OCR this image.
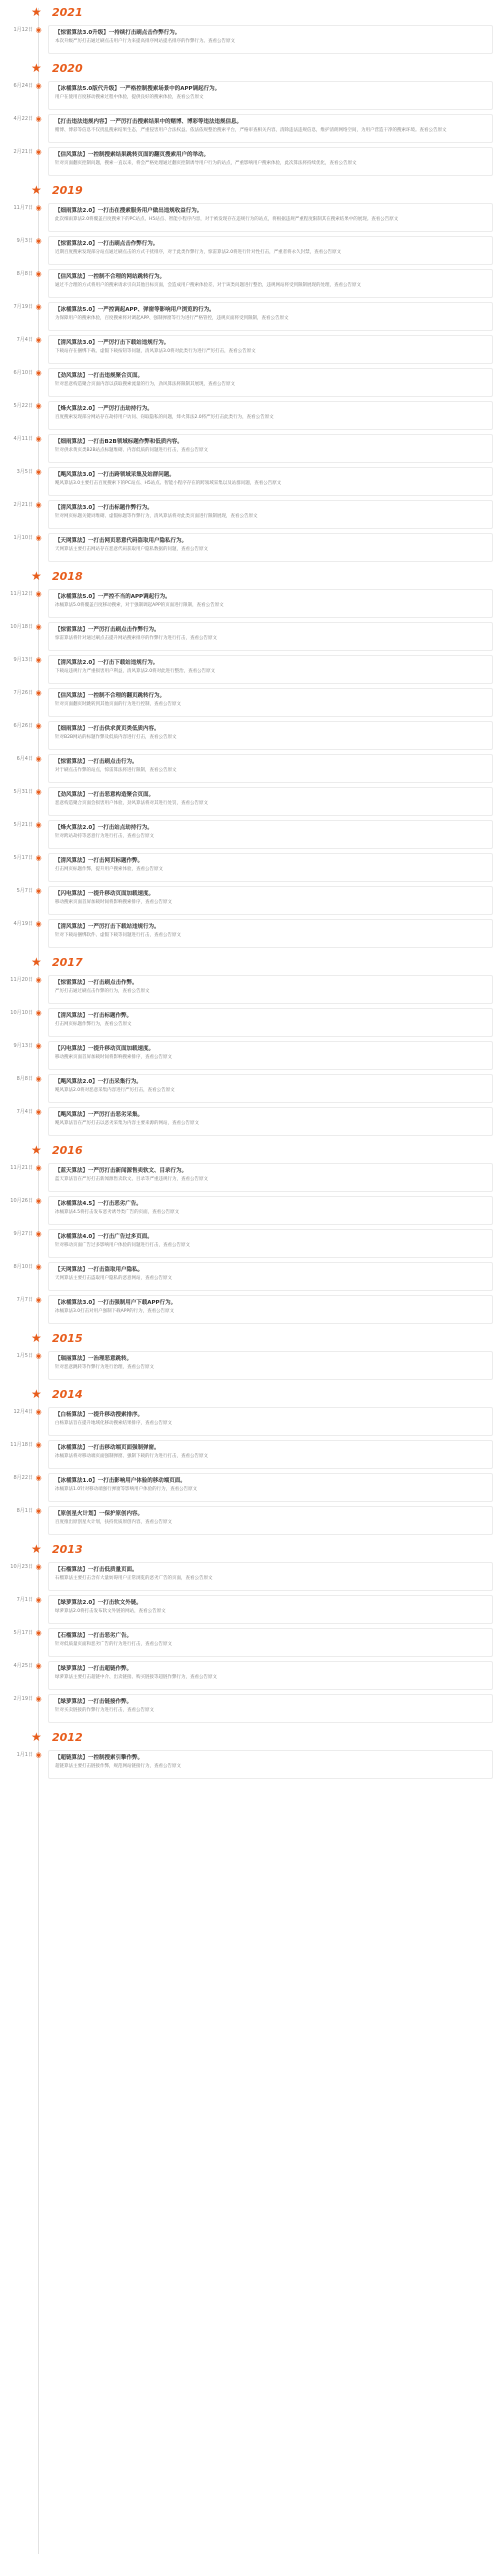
★ 2021
1月12日 ◉ 【惊雷算法3.0升级】一持续打击刷点击作弊行为。
本次升级严厉打击通过刷点击用户行为来提高排序网站提名排序的作弊行为。查看公告原文
★ 2020
6月24日 ◉ 【冰桶算法5.0版代升级】一严格控制搜索场景中的APP调起行为。
用户在使用百度移动搜索过程中体验，提供良好的搜索体验，查看公告原文
4月22日 ◉ 【打击违法违规内容】一严厉打击搜索结果中的赌博、博彩等违法违规信息。
赌博、博彩等信息不仅扰乱搜索结果生态，严重侵害用户合法权益。依法依规整治搜索平台，严格审查相关内容，清除违法违规信息，维护清朗网络空间，为用户营造干净的搜索环境。查看公告原文
2月21日 ◉ 【信风算法】一控制搜索结果跳转页面的翻页搜索用户的举动。
针对页面翻页控制问题，搜索一直以来，将会严格处理通过翻页控制诱导用户行为的站点，严重影响用户搜索体验，此次算法将持续优化，查看公告原文
★ 2019
11月7日 ◉ 【细雨算法2.0】一打击在搜索服务用户做出违规收益行为。
此次细雨算法2.0将覆盖百度搜索下的PC站点、H5站点、智能小程序内容，对于被发现存在违规行为的站点，将根据违规严重程度限制其在搜索结果中的展现。查看公告原文
9月3日 ◉ 【惊雷算法2.0】一打击刷点击作弊行为。
近期百度搜索发现部分站点通过刷点击的方式干扰排序，对于此类作弊行为，惊雷算法2.0将进行针对性打击，严重者将永久封禁，查看公告原文
8月8日 ◉ 【信风算法】一控制不合理的网站跳转行为。
通过不合理的方式将用户的搜索请求引向其他目标页面，会造成用户搜索体验差，对于该类问题进行整治，违规网站将受到限制展现的处理，查看公告原文
7月19日 ◉ 【冰桶算法5.0】一严控调起APP、弹窗等影响用户浏览的行为。
为保障用户的搜索体验，百度搜索将对调起APP、强制弹窗等行为进行严格管控，违规页面将受到限制，查看公告原文
7月4日 ◉ 【清风算法3.0】一严厉打击下载站违规行为。
下载站存在捆绑下载、虚假下载按钮等问题，清风算法3.0将对此类行为进行严厉打击，查看公告原文
6月10日 ◉ 【劲风算法】一打击违规聚合页面。
针对恶意构造聚合页面内容以获取搜索流量的行为，劲风算法将限制其展现，查看公告原文
5月22日 ◉ 【烽火算法2.0】一严厉打击劫持行为。
百度搜索发现部分网站存在劫持用户访问、窃取隐私的问题，烽火算法2.0将严厉打击此类行为，查看公告原文
4月11日 ◉ 【细雨算法】一打击B2B领域标题作弊和低质内容。
针对供求黄页类B2B站点标题堆砌、内容低质的问题进行打击，查看公告原文
3月5日 ◉ 【飓风算法3.0】一打击跨领域采集及站群问题。
飓风算法3.0主要打击百度搜索下的PC站点、H5站点、智能小程序存在的跨领域采集以及站群问题，查看公告原文
2月21日 ◉ 【清风算法3.0】一打击标题作弊行为。
针对网页标题关键词堆砌、虚假标题等作弊行为，清风算法将对此类页面进行限制展现，查看公告原文
1月10日 ◉ 【天网算法】一打击网页恶意代码盗取用户隐私行为。
天网算法主要打击网站存在恶意代码获取用户隐私数据的问题，查看公告原文
★ 2018
11月12日 ◉ 【冰桶算法5.0】一严控不当的APP调起行为。
冰桶算法5.0将覆盖百度移动搜索，对于强制调起APP的页面进行限制，查看公告原文
10月18日 ◉ 【惊雷算法】一严厉打击刷点击作弊行为。
惊雷算法将针对通过刷点击提升网站搜索排序的作弊行为进行打击，查看公告原文
9月13日 ◉ 【清风算法2.0】一打击下载站违规行为。
下载站违规行为严重损害用户利益，清风算法2.0将对此进行整治，查看公告原文
7月26日 ◉ 【信风算法】一控制不合理的翻页跳转行为。
针对页面翻页时跳转到其他页面的行为进行控制，查看公告原文
6月26日 ◉ 【细雨算法】一打击供求黄页类低质内容。
针对B2B网站的标题作弊及低质内容进行打击，查看公告原文
6月4日 ◉ 【惊雷算法】一打击刷点击行为。
对于刷点击作弊的站点，惊雷算法将进行限制，查看公告原文
5月31日 ◉ 【劲风算法】一打击恶意构造聚合页面。
恶意构造聚合页面会损害用户体验，劲风算法将对其进行处罚，查看公告原文
5月21日 ◉ 【烽火算法2.0】一打击站点劫持行为。
针对跨站劫持等恶意行为进行打击，查看公告原文
5月17日 ◉ 【清风算法】一打击网页标题作弊。
打击网页标题作弊，提升用户搜索体验，查看公告原文
5月7日 ◉ 【闪电算法】一提升移动页面加载速度。
移动搜索页面首屏加载时间将影响搜索排序，查看公告原文
4月19日 ◉ 【清风算法】一严厉打击下载站违规行为。
针对下载站捆绑软件、虚假下载等问题进行打击，查看公告原文
★ 2017
11月20日 ◉ 【惊雷算法】一打击刷点击作弊。
严厉打击通过刷点击作弊的行为，查看公告原文
10月10日 ◉ 【清风算法】一打击标题作弊。
打击网页标题作弊行为，查看公告原文
9月13日 ◉ 【闪电算法】一提升移动页面加载速度。
移动搜索页面首屏加载时间将影响搜索排序，查看公告原文
8月8日 ◉ 【飓风算法2.0】一打击采集行为。
飓风算法2.0将对恶意采集内容进行严厉打击，查看公告原文
7月4日 ◉ 【飓风算法】一严厉打击恶劣采集。
飓风算法旨在严厉打击以恶劣采集为内容主要来源的网站，查看公告原文
★ 2016
11月21日 ◉ 【蓝天算法】一严厉打击新闻源售卖软文、目录行为。
蓝天算法旨在严厉打击新闻源售卖软文、目录等严重违规行为，查看公告原文
10月26日 ◉ 【冰桶算法4.5】一打击恶劣广告。
冰桶算法4.5将打击发布恶劣诱导类广告的页面，查看公告原文
9月27日 ◉ 【冰桶算法4.0】一打击广告过多页面。
针对移动页面广告过多影响用户体验的问题进行打击，查看公告原文
8月10日 ◉ 【天网算法】一打击盗取用户隐私。
天网算法主要打击盗取用户隐私的恶意网站，查看公告原文
7月7日 ◉ 【冰桶算法3.0】一打击强制用户下载APP行为。
冰桶算法3.0打击对用户强制下载APP的行为，查看公告原文
★ 2015
1月5日 ◉ 【瑞丽算法】一治理恶意跳转。
针对恶意跳转等作弊行为进行治理，查看公告原文
★ 2014
12月4日 ◉ 【白杨算法】一提升移动搜索排序。
白杨算法旨在提升地域化移动搜索结果排序，查看公告原文
11月18日 ◉ 【冰桶算法】一打击移动端页面强制弹窗。
冰桶算法将对移动端页面强制弹窗、强制下载的行为进行打击，查看公告原文
8月22日 ◉ 【冰桶算法1.0】一打击影响用户体验的移动端页面。
冰桶算法1.0针对移动端强行弹窗等影响用户体验的行为，查看公告原文
8月1日 ◉ 【原创星火计划】一保护原创内容。
百度推出原创星火计划，扶持优质原创内容，查看公告原文
★ 2013
10月23日 ◉ 【石榴算法】一打击低质量页面。
石榴算法主要打击含有大量妨碍用户正常浏览的恶劣广告的页面，查看公告原文
7月1日 ◉ 【绿萝算法2.0】一打击软文外链。
绿萝算法2.0将打击发布软文外链的网站，查看公告原文
5月17日 ◉ 【石榴算法】一打击恶劣广告。
针对低质量页面和恶劣广告的行为进行打击，查看公告原文
4月25日 ◉ 【绿萝算法】一打击超链作弊。
绿萝算法主要打击超链中介、出卖链接、购买链接等超链作弊行为，查看公告原文
2月19日 ◉ 【绿萝算法】一打击链接作弊。
针对买卖链接的作弊行为进行打击，查看公告原文
★ 2012
1月1日 ◉ 【超链算法】一控制搜索引擎作弊。
超链算法主要打击链接作弊，规范网站链接行为，查看公告原文
